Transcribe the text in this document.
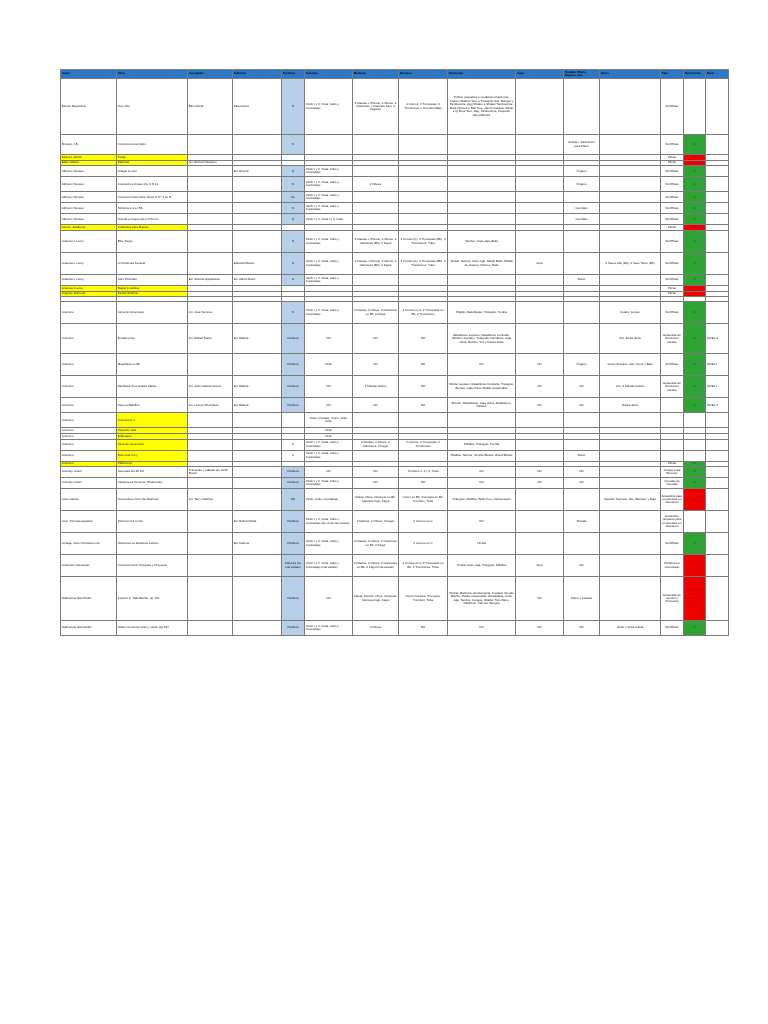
Autor	Obra	Arreglador	Editorial	Partitura	Cuerdas	Maderas	Bronces	Percusión	Arpa	Teclado (Piano, Órgano, etc)	Otros	Tipo	Restricción	Nivel
Elmira, Bequetina	Tico-Tico	Bill Cobedi	Paternoses	N	Violín I y II, Viola, Cello y Contrabajo	2 Flautas + Piccolo, 2 Oboes, 2 Clarinetes + Clarinete bajo, 2 Fagotes	4 Cornos, 3 Trompetas, 3 Trombones + Trombon Bajo	Timbal, pequeños e medianos Crash Cas, Crepen Washer Sus. e Triangulo Sus, Bongos y Tambourine, Egg Shaker e Shaker Tambourine, Mark Chimes e Bell Tree, Jamm Cabasa, Sardo e Ig Floor Tom, Reg, Tambourine, Pequeño Wood Blocks				Sin/Plicas		
Brouley, J.B.	Concierto para Violín			N						Solista + Reducción para Piano		Sin/Plicas	Sí	
Ebanez, Martín	Tango											Plicas	No	
Elder, Martin	Parrinas	Arr. Richard Stephen										Plicas		
Albinoni Tomaso	Adagio en Gm		Ed. Ricordi	N	Violín I y II, Viola, Cello y Contrabajo					Órgano		Sin/Plicas	Sí	
Albinoni Tomaso	Concierto a cinque Op. 9 N 12			N	Violín I y II, Viola, Cello y Contrabajo	2 Oboes				Órgano		Sin/Plicas	Sí	
Albinoni Tomaso	Concierto Para Oboe Opus 9, N° 2 en B			No	Violín I y II, Viola, Cello y Contrabajo							Sin/Plicas	Sí	
Albinoni Tomaso	Sinfonía a 4 en Bb			N	Violín I y II, Viola, Cello y Contrabajo					Cembalo		Sin/Plicas	Sí	
Albinoni Tomaso	Sonata a cinque Op.2 N°6 Gm			N	Violín I y II, Viola I y II, Cello					Cembalo		Sin/Plicas	Sí	
Alonso, Adalberto	Cubanitos para Boquer											Plicas	No	
Anderson, Leroy	Blue Tango			N	Violín I y II, Viola, Cello y Contrabajo	2 Flautas + Piccolo, 2 Oboes, 2 Clarinetes (Bb), 2 Fagot	4 Cornos (F), 3 Trompetas (Bb), 3 Trombones, Tuba	Tambor, Gran caja, Bells				Sin/Plicas	Sí	
Anderson, Leroy	A Christmas Festival		Editorial Belwin	N	Violín I y II, Viola, Cello y Contrabajo	2 Flautas + Piccolo, 2 Oboes, 2 Clarinetes (Bb), 2 Fagot	4 Cornos (F), 3 Trompetas (Bb), 3 Trombones, Tuba	Timbal, Tambor, Gran caja, Sleigh Bells, Platillo de choque, Chimes, Bells	Arpa		2 Saxos Alto (Eb), 2 Saxo Tenor (Bb)	Sin/Plicas	Sí	
Anderson, Leroy	Jazz Pizzicato	Ed. Samuel Applebaum	Ed. Alfred Music	N	Violín I y II, Viola, Cello y Contrabajo					Piano		Sin/Plicas	Sí	
Anderson Leroy	Bugler's Holiday											Plicas		
Angerer, Edmund	Kinder Sinfonie											Plicas	No	

Anónimo	Alma de Venezuela	Arr. José Terreros		N	Violín I y II, Viola, Cello y Contrabajo	2 Flautas, 2 Oboes, 2 Clarinetes en Bb, 2 Fagot	2 Cornos en F, 2 Trompetas en Bb, 2 Trombones	Platillo, Redoblante, Triángulo, Tumba			Cuatro, tiempo	Sin/Plicas	Sí	
Anónimo	El gallo pinto	Arr. Rafael Rubio	Ed. Bakuta	Partitura	NO	NO	NO	Metalófono soprano, Metalófono Contralto, Xilófono Soprano, Triángulo, Panderos, Caja china, Bombo, Voz y Flauta dulce			Voz, flauta dulce	Ensamble de Percusión escolar	Sí	NIVEL II
Anónimo	Magnificat en Bb			Partitura	Violín	NO	NO	NO	NO	Órgano	Voces Soprano, Alto, Tenor y Bajo	Sin/Plicas	Sí	NIVEL I
Anónimo	Pachitara Tres Hojitas Madre	Arr. Juan Gabriel Ocuna	Ed. Bakuta	Partitura	NO	3 Flautas dulces	NO	Xilófon soprano, Metalófono Contralto, Triángulo, Bombo, Caja china, Platillo suspendido	NO	NO	Voz, 3 Flautas dulces	Ensamble de Percusión escolar	Sí	NIVEL I
Anónimo	Paso el Batallón	Arr. Leonor Pleschado	Ed. Bakuta	Partitura	NO	NO	NO	Bombo, Redoblante, Caja china, Metalófono, Palotes	NO	NO	Flauta dulce		Sí	NIVEL II
Anónimo	Conciertos 2				Violín I (Violas), Violín, Viola, Cello									
Anónimo	Pequeño Valli				Violín									
Anónimo	El Bodeler				Violín									
Anónimo	Alma de Venezuela			X	Violín I y II, Viola, Cello y Contrabajo	2 Flautas, 2 Oboes, 2 Clarinetes, 2 Fagot	2 Cornos, 2 Trompetas, 2 Trombones	Platillos, Triángulo, Tumba						
Anónimo	Dios está Cory			X	Violín I y II, Viola, Cello y Contrabajo			Platillos, Tambor, Temple Blocks, Wood Blocks		Piano				
Anónimo	Villancicos											Plicas	No	
Arensky, Anton	Serenata Op.30 N3	Transcrito y editado por Keith Brown		Partitura	NO	NO	Trombón 1, 2 y 3, Tuba	NO	NO	NO		Arreglo para Bronces	Sí	
Arensky, Anton	Variaciones Tema de Tchaikovsky			Partitura	Violín I y II, Viola, Cello y Contrabajo	NO	NO	NO	NO	NO		Cuerdas de Cuerdas	Sí	
Arlen Harold	Somewhere Over the Rainbow	Arr. Terry Callichio		NO	Violín, Cello, Contrabajo	Flauta, Oboe, Clarinete en Bb, Clarinete bajo, Fagot	Corno en Bb, Trompeta en Bb, Trombón, Tuba	Triángulo, Platillos, Bells Tree, Glockenspiel			Saxofón Soprano, Alto, Barítono y Bajo	Ensamble para propuestas en descanso	No	
Aron, Thomas Agustine	Sinfonía N.3 en Do		Ed. Richard Platt	Partitura	Violín I y II, Viola, Cello y Contrabajo (Se omite las partes)	2 Flautas, 2 Oboes, 2 Fagot	2 Cornos en C	NO		Timbalo		Ensamble pequeño para propuestas en descanso		
Arriaga, Juan Crisóstomo de	Obertura Los Esclavos Felices		Ed. Kalmus	Partitura	Violín I y II, Viola, Cello y Contrabajo	2 Flautas, 2 Oboes, 2 Clarinetes en Bb, 2 Fagot	2 Cornos en C	Timbal				Sin/Plicas	Sí	
Arutunian, Alexander	Concierto para Trompeta y Orquesta			Partitura (se mal estado)	Violín I y II, Viola, Cello y Contrabajo (mal estado)	2 Flautas, 2 Oboes, 2 Clarinetes en Bb, 2 Fagot (mal estado)	4 Cornos en F, 3 Trompetas en Bb, 3 Trombones, Tuba	Timbal, Gran caja, Triángulo, Platillos	Arpa	NO		Partitura en mal estado	No	
Dathuirnas Ilias Dinilio	Il pincio II, 'Kids Bartok, op. 101			Partitura	NO	Flauta, Piccolo, Oboe, Clarinete, Clarinete bajo, Fagot	Corno Francés, Trompeta, Trombón, Tuba	Timbal, Marimba, Glockenspiel, Cowbell, Temple Blocks, Platillo suspendido, Redoblante, Gran caja, Tambor, Congas, Woblet, Tam-Tamo, Vibráfono, Chimes, Bongos	NO	Piano y Celesta		Ensamble de vientos y Percusión	No	
Dathuirnas Ilias Dinilio	Doble Concierto Violín y Viola. Op.187			Partitura	Violín I y II, Viola, Cello y Contrabajo	2 Oboes	NO	NO	NO	NO	Violín y Viola solista	Sin/Plicas	Sí	
